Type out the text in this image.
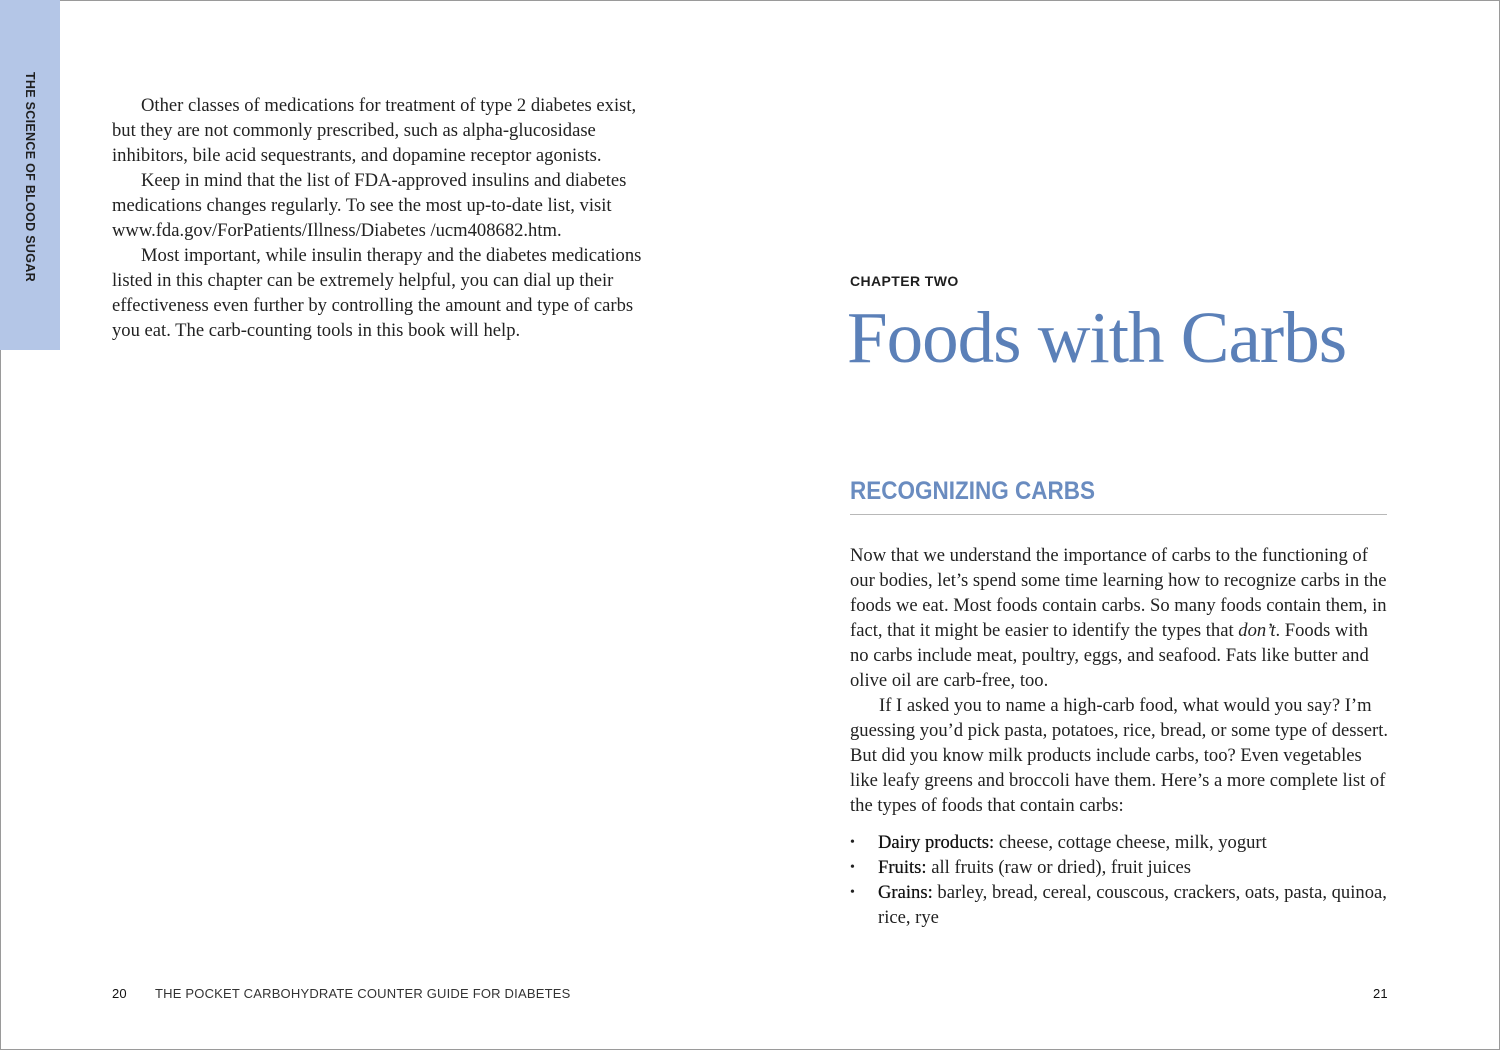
THE SCIENCE OF BLOOD SUGAR	Other classes of medications for treatment of type 2 diabetes exist, but they are not commonly prescribed, such as alpha-glucosidase inhibitors, bile acid sequestrants, and dopamine receptor agonists.

Keep in mind that the list of FDA-approved insulins and diabetes medications changes regularly. To see the most up-to-date list, visit www.fda.gov/ForPatients/Illness/Diabetes /ucm408682.htm.

Most important, while insulin therapy and the diabetes medications listed in this chapter can be extremely helpful, you can dial up their effectiveness even further by controlling the amount and type of carbs you eat. The carb-counting tools in this book will help.

CHAPTER TWO
Foods with Carbs
RECOGNIZING CARBS

Now that we understand the importance of carbs to the functioning of our bodies, let’s spend some time learning how to recognize carbs in the foods we eat. Most foods contain carbs. So many foods contain them, in fact, that it might be easier to identify the types that don’t. Foods with no carbs include meat, poultry, eggs, and seafood. Fats like butter and olive oil are carb-free, too.

If I asked you to name a high-carb food, what would you say? I’m guessing you’d pick pasta, potatoes, rice, bread, or some type of dessert. But did you know milk products include carbs, too? Even vegetables like leafy greens and broccoli have them. Here’s a more complete list of the types of foods that contain carbs:

• Dairy products: cheese, cottage cheese, milk, yogurt
• Fruits: all fruits (raw or dried), fruit juices
• Grains: barley, bread, cereal, couscous, crackers, oats, pasta, quinoa, rice, rye
20 THE POCKET CARBOHYDRATE COUNTER GUIDE FOR DIABETES	21
